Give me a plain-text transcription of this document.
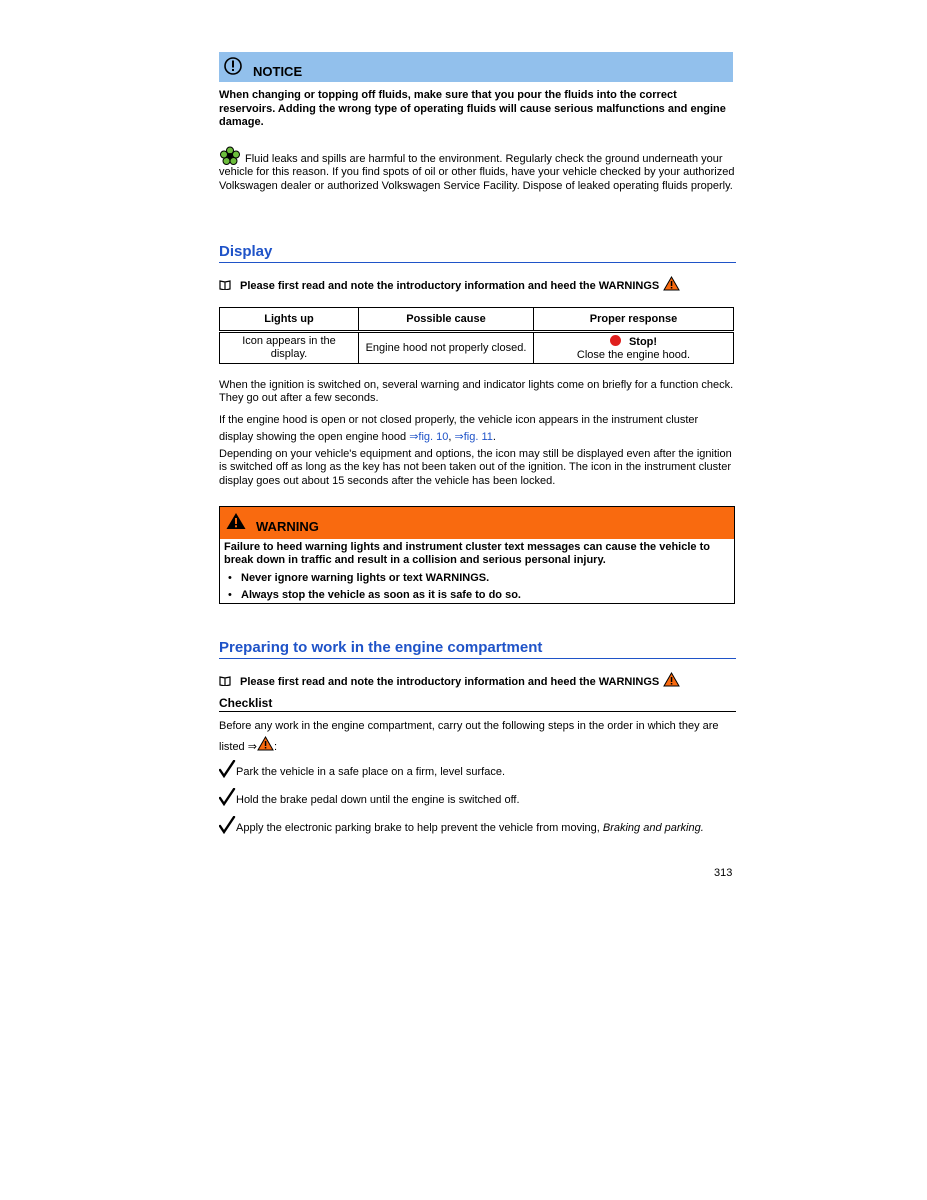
NOTICE
When changing or topping off fluids, make sure that you pour the fluids into the correct reservoirs. Adding the wrong type of operating fluids will cause serious malfunctions and engine damage.
Fluid leaks and spills are harmful to the environment. Regularly check the ground underneath your vehicle for this reason. If you find spots of oil or other fluids, have your vehicle checked by your authorized Volkswagen dealer or authorized Volkswagen Service Facility. Dispose of leaked operating fluids properly.
Display
Please first read and note the introductory information and heed the WARNINGS
Lights up	Possible cause	Proper response
Icon appears in the display.	Engine hood not properly closed.	Stop!
Close the engine hood.
When the ignition is switched on, several warning and indicator lights come on briefly for a function check. They go out after a few seconds.
If the engine hood is open or not closed properly, the vehicle icon appears in the instrument cluster display showing the open engine hood ⇒fig. 10, ⇒fig. 11.
Depending on your vehicle's equipment and options, the icon may still be displayed even after the ignition is switched off as long as the key has not been taken out of the ignition. The icon in the instrument cluster display goes out about 15 seconds after the vehicle has been locked.
WARNING
Failure to heed warning lights and instrument cluster text messages can cause the vehicle to break down in traffic and result in a collision and serious personal injury.
• Never ignore warning lights or text WARNINGS.
• Always stop the vehicle as soon as it is safe to do so.
Preparing to work in the engine compartment
Please first read and note the introductory information and heed the WARNINGS
Checklist
Before any work in the engine compartment, carry out the following steps in the order in which they are listed ⇒ :
Park the vehicle in a safe place on a firm, level surface.
Hold the brake pedal down until the engine is switched off.
Apply the electronic parking brake to help prevent the vehicle from moving, Braking and parking.
313
